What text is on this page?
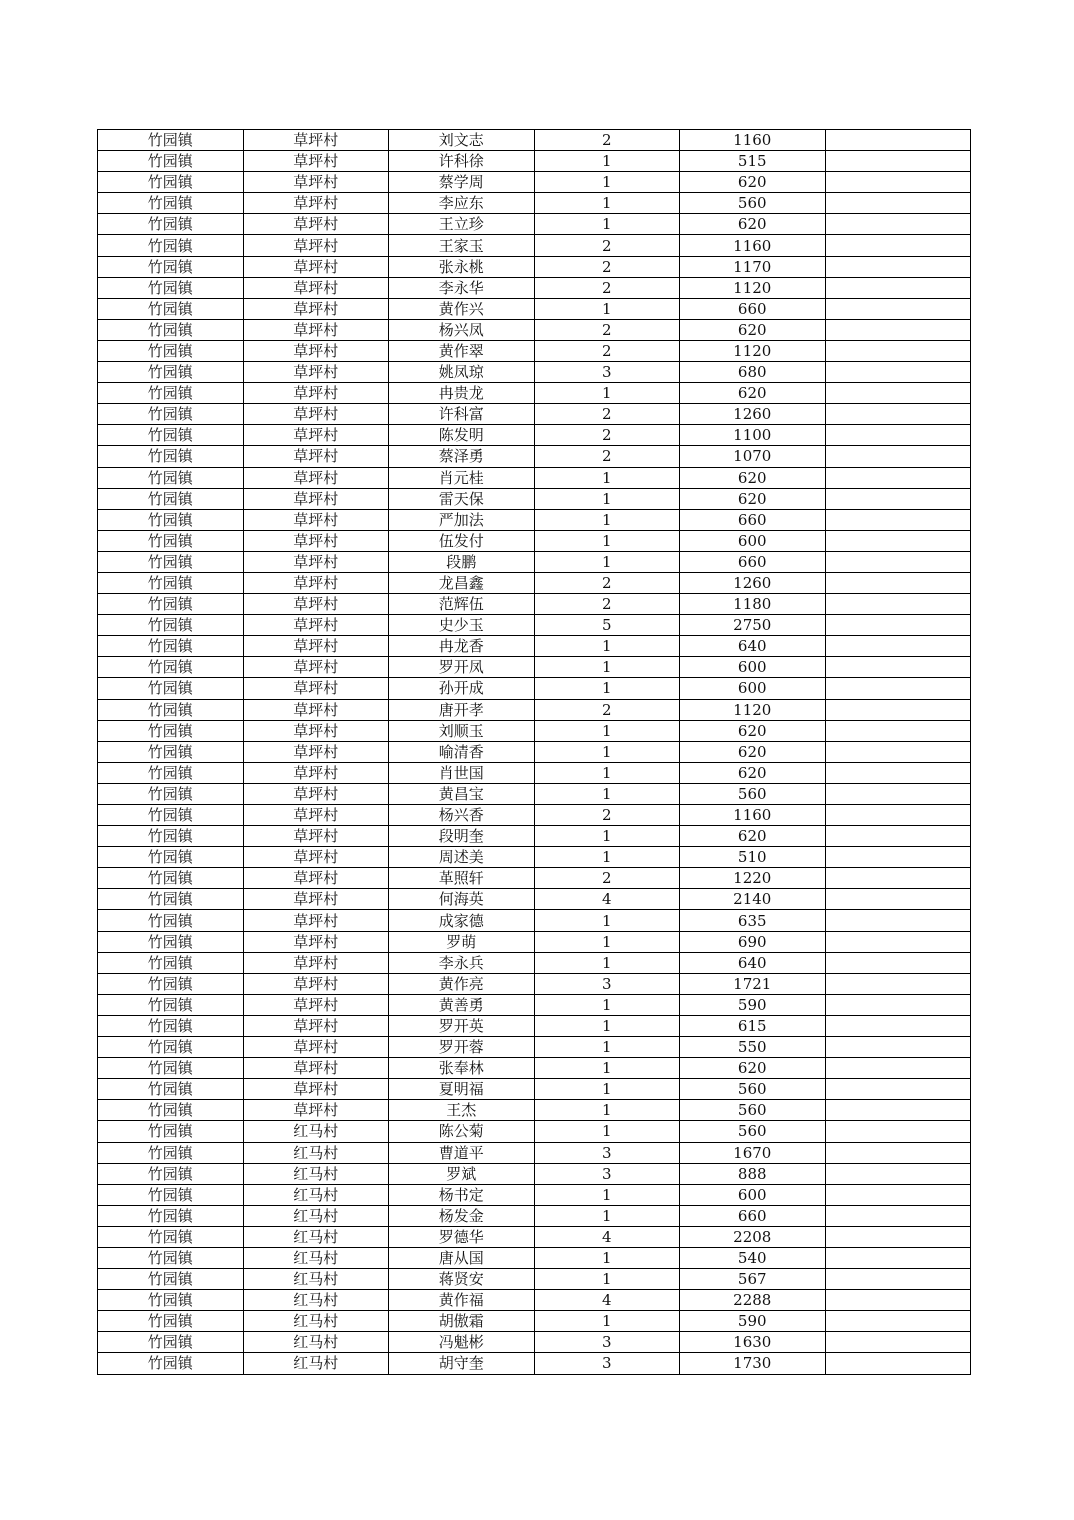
竹园镇	草坪村	刘文志	2	1160	
竹园镇	草坪村	许科徐	1	515	
竹园镇	草坪村	蔡学周	1	620	
竹园镇	草坪村	李应东	1	560	
竹园镇	草坪村	王立珍	1	620	
竹园镇	草坪村	王家玉	2	1160	
竹园镇	草坪村	张永桃	2	1170	
竹园镇	草坪村	李永华	2	1120	
竹园镇	草坪村	黄作兴	1	660	
竹园镇	草坪村	杨兴凤	2	620	
竹园镇	草坪村	黄作翠	2	1120	
竹园镇	草坪村	姚凤琼	3	680	
竹园镇	草坪村	冉贵龙	1	620	
竹园镇	草坪村	许科富	2	1260	
竹园镇	草坪村	陈发明	2	1100	
竹园镇	草坪村	蔡泽勇	2	1070	
竹园镇	草坪村	肖元桂	1	620	
竹园镇	草坪村	雷天保	1	620	
竹园镇	草坪村	严加法	1	660	
竹园镇	草坪村	伍发付	1	600	
竹园镇	草坪村	段鹏	1	660	
竹园镇	草坪村	龙昌鑫	2	1260	
竹园镇	草坪村	范辉伍	2	1180	
竹园镇	草坪村	史少玉	5	2750	
竹园镇	草坪村	冉龙香	1	640	
竹园镇	草坪村	罗开凤	1	600	
竹园镇	草坪村	孙开成	1	600	
竹园镇	草坪村	唐开孝	2	1120	
竹园镇	草坪村	刘顺玉	1	620	
竹园镇	草坪村	喻清香	1	620	
竹园镇	草坪村	肖世国	1	620	
竹园镇	草坪村	黄昌宝	1	560	
竹园镇	草坪村	杨兴香	2	1160	
竹园镇	草坪村	段明奎	1	620	
竹园镇	草坪村	周述美	1	510	
竹园镇	草坪村	革照轩	2	1220	
竹园镇	草坪村	何海英	4	2140	
竹园镇	草坪村	成家德	1	635	
竹园镇	草坪村	罗萌	1	690	
竹园镇	草坪村	李永兵	1	640	
竹园镇	草坪村	黄作亮	3	1721	
竹园镇	草坪村	黄善勇	1	590	
竹园镇	草坪村	罗开英	1	615	
竹园镇	草坪村	罗开蓉	1	550	
竹园镇	草坪村	张奉林	1	620	
竹园镇	草坪村	夏明福	1	560	
竹园镇	草坪村	王杰	1	560	
竹园镇	红马村	陈公菊	1	560	
竹园镇	红马村	曹道平	3	1670	
竹园镇	红马村	罗斌	3	888	
竹园镇	红马村	杨书定	1	600	
竹园镇	红马村	杨发金	1	660	
竹园镇	红马村	罗德华	4	2208	
竹园镇	红马村	唐从国	1	540	
竹园镇	红马村	蒋贤安	1	567	
竹园镇	红马村	黄作福	4	2288	
竹园镇	红马村	胡傲霜	1	590	
竹园镇	红马村	冯魁彬	3	1630	
竹园镇	红马村	胡守奎	3	1730	
